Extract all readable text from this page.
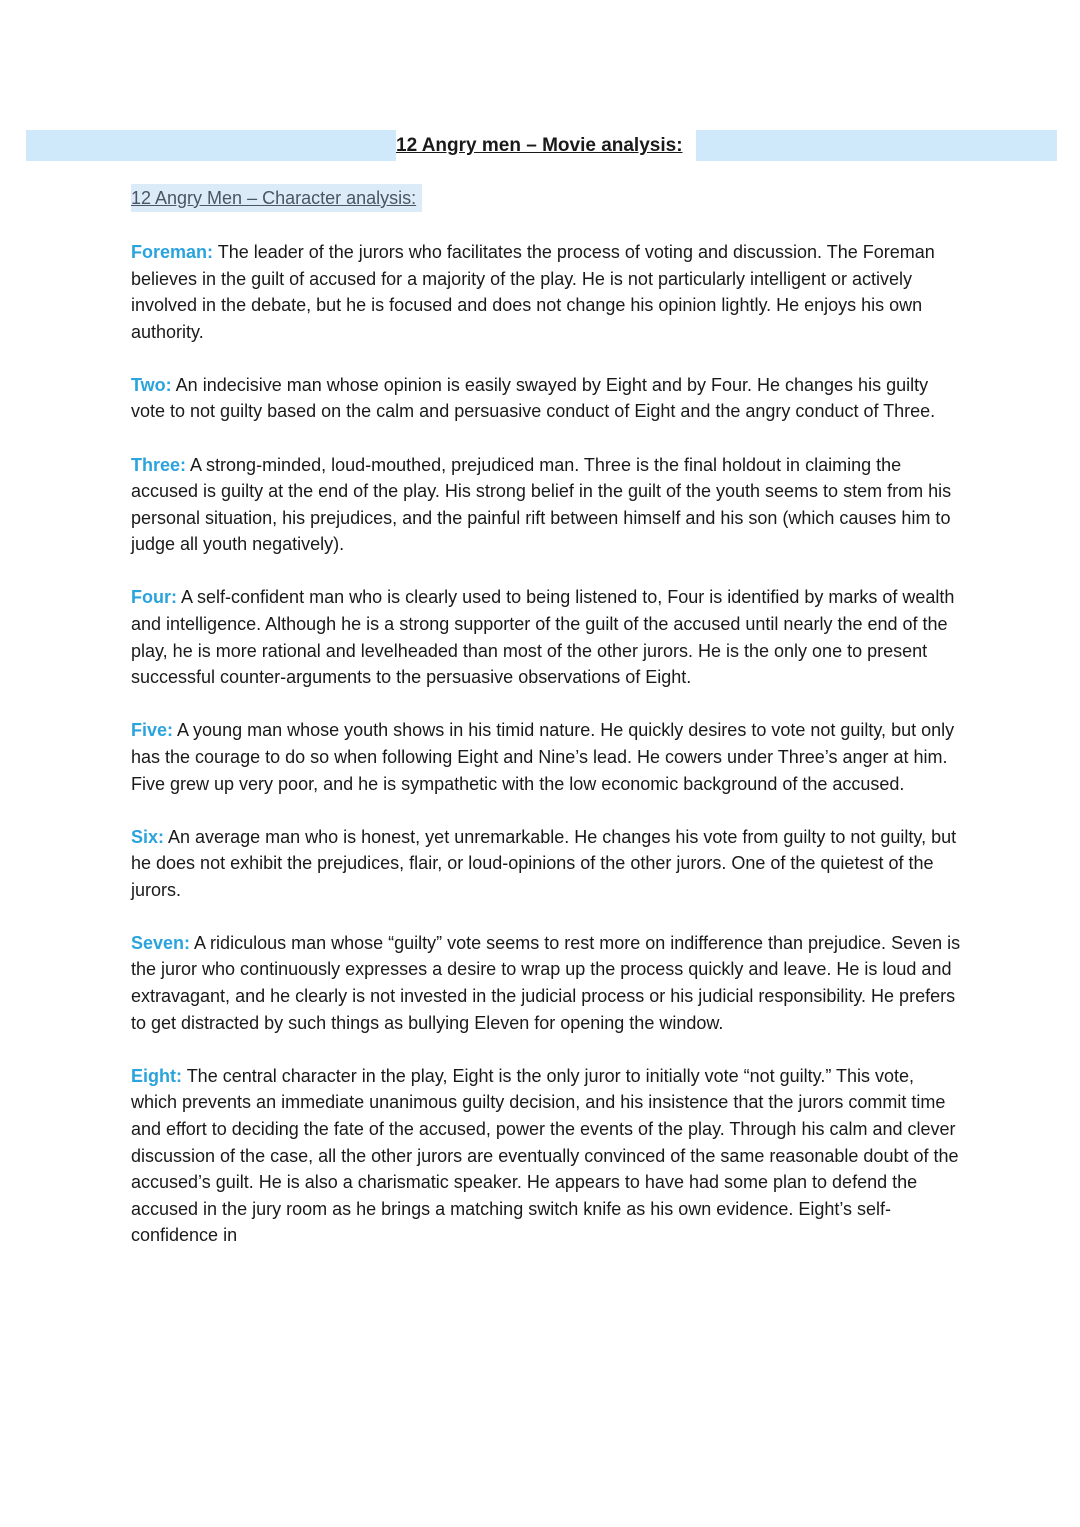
12 Angry men – Movie analysis:
12 Angry Men – Character analysis:

Foreman: The leader of the jurors who facilitates the process of voting and discussion. The Foreman believes in the guilt of accused for a majority of the play. He is not particularly intelligent or actively involved in the debate, but he is focused and does not change his opinion lightly. He enjoys his own authority.

Two: An indecisive man whose opinion is easily swayed by Eight and by Four. He changes his guilty vote to not guilty based on the calm and persuasive conduct of Eight and the angry conduct of Three.

Three: A strong-minded, loud-mouthed, prejudiced man. Three is the final holdout in claiming the accused is guilty at the end of the play. His strong belief in the guilt of the youth seems to stem from his personal situation, his prejudices, and the painful rift between himself and his son (which causes him to judge all youth negatively).

Four: A self-confident man who is clearly used to being listened to, Four is identified by marks of wealth and intelligence. Although he is a strong supporter of the guilt of the accused until nearly the end of the play, he is more rational and levelheaded than most of the other jurors. He is the only one to present successful counter-arguments to the persuasive observations of Eight.

Five: A young man whose youth shows in his timid nature. He quickly desires to vote not guilty, but only has the courage to do so when following Eight and Nine’s lead. He cowers under Three’s anger at him. Five grew up very poor, and he is sympathetic with the low economic background of the accused.

Six: An average man who is honest, yet unremarkable. He changes his vote from guilty to not guilty, but he does not exhibit the prejudices, flair, or loud-opinions of the other jurors. One of the quietest of the jurors.

Seven: A ridiculous man whose “guilty” vote seems to rest more on indifference than prejudice. Seven is the juror who continuously expresses a desire to wrap up the process quickly and leave. He is loud and extravagant, and he clearly is not invested in the judicial process or his judicial responsibility. He prefers to get distracted by such things as bullying Eleven for opening the window.

Eight: The central character in the play, Eight is the only juror to initially vote “not guilty.” This vote, which prevents an immediate unanimous guilty decision, and his insistence that the jurors commit time and effort to deciding the fate of the accused, power the events of the play. Through his calm and clever discussion of the case, all the other jurors are eventually convinced of the same reasonable doubt of the accused’s guilt. He is also a charismatic speaker. He appears to have had some plan to defend the accused in the jury room as he brings a matching switch knife as his own evidence. Eight’s self-confidence in
